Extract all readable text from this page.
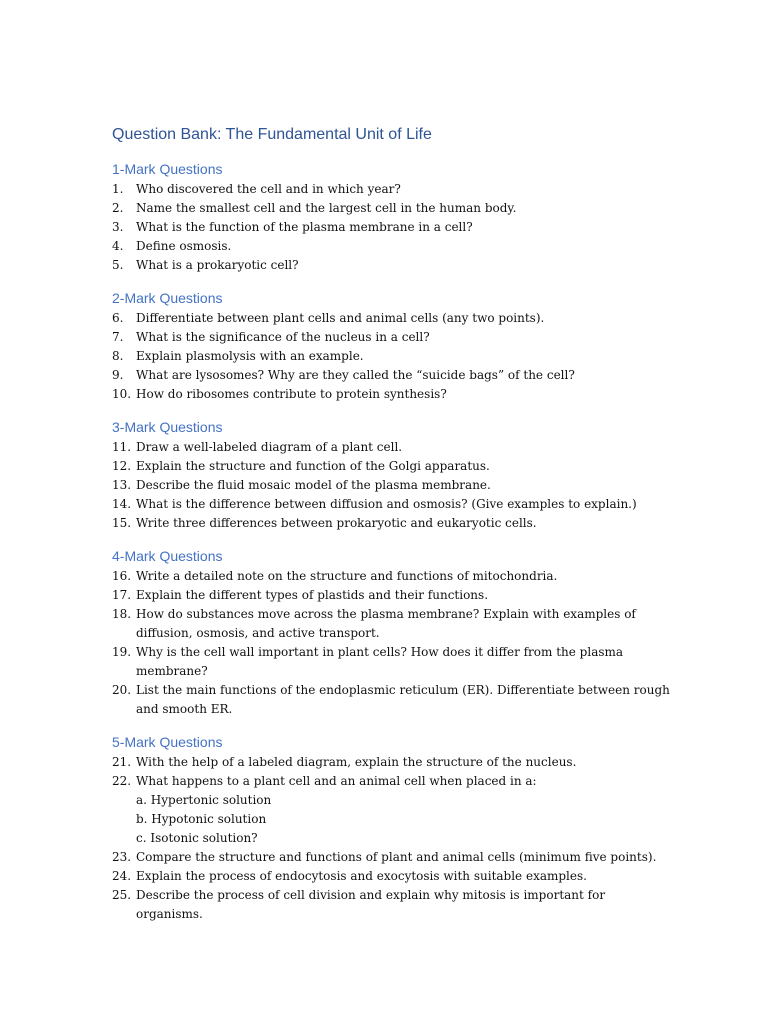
Question Bank: The Fundamental Unit of Life
1-Mark Questions
1.	Who discovered the cell and in which year?
2.	Name the smallest cell and the largest cell in the human body.
3.	What is the function of the plasma membrane in a cell?
4.	Define osmosis.
5.	What is a prokaryotic cell?
2-Mark Questions
6.	Differentiate between plant cells and animal cells (any two points).
7.	What is the significance of the nucleus in a cell?
8.	Explain plasmolysis with an example.
9.	What are lysosomes? Why are they called the “suicide bags” of the cell?
10. How do ribosomes contribute to protein synthesis?
3-Mark Questions
11. Draw a well-labeled diagram of a plant cell.
12. Explain the structure and function of the Golgi apparatus.
13. Describe the fluid mosaic model of the plasma membrane.
14. What is the difference between diffusion and osmosis? (Give examples to explain.)
15. Write three differences between prokaryotic and eukaryotic cells.
4-Mark Questions
16. Write a detailed note on the structure and functions of mitochondria.
17. Explain the different types of plastids and their functions.
18. How do substances move across the plasma membrane? Explain with examples of diffusion, osmosis, and active transport.
19. Why is the cell wall important in plant cells? How does it differ from the plasma membrane?
20. List the main functions of the endoplasmic reticulum (ER). Differentiate between rough and smooth ER.
5-Mark Questions
21. With the help of a labeled diagram, explain the structure of the nucleus.
22. What happens to a plant cell and an animal cell when placed in a:
a. Hypertonic solution
b. Hypotonic solution
c. Isotonic solution?
23. Compare the structure and functions of plant and animal cells (minimum five points).
24. Explain the process of endocytosis and exocytosis with suitable examples.
25. Describe the process of cell division and explain why mitosis is important for organisms.
